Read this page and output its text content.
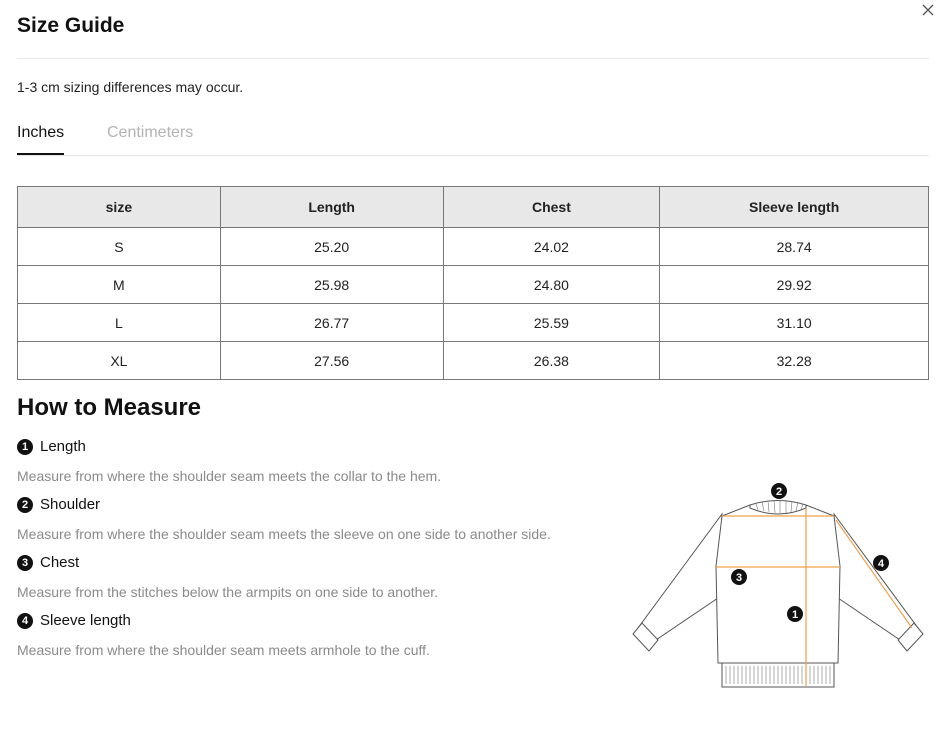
Size Guide
1-3 cm sizing differences may occur.
Inches	Centimeters
size	Length	Chest	Sleeve length
S	25.20	24.02	28.74
M	25.98	24.80	29.92
L	26.77	25.59	31.10
XL	27.56	26.38	32.28
How to Measure
1 Length
Measure from where the shoulder seam meets the collar to the hem.
2 Shoulder
Measure from where the shoulder seam meets the sleeve on one side to another side.
3 Chest
Measure from the stitches below the armpits on one side to another.
4 Sleeve length
Measure from where the shoulder seam meets armhole to the cuff.
2
3
1
4
